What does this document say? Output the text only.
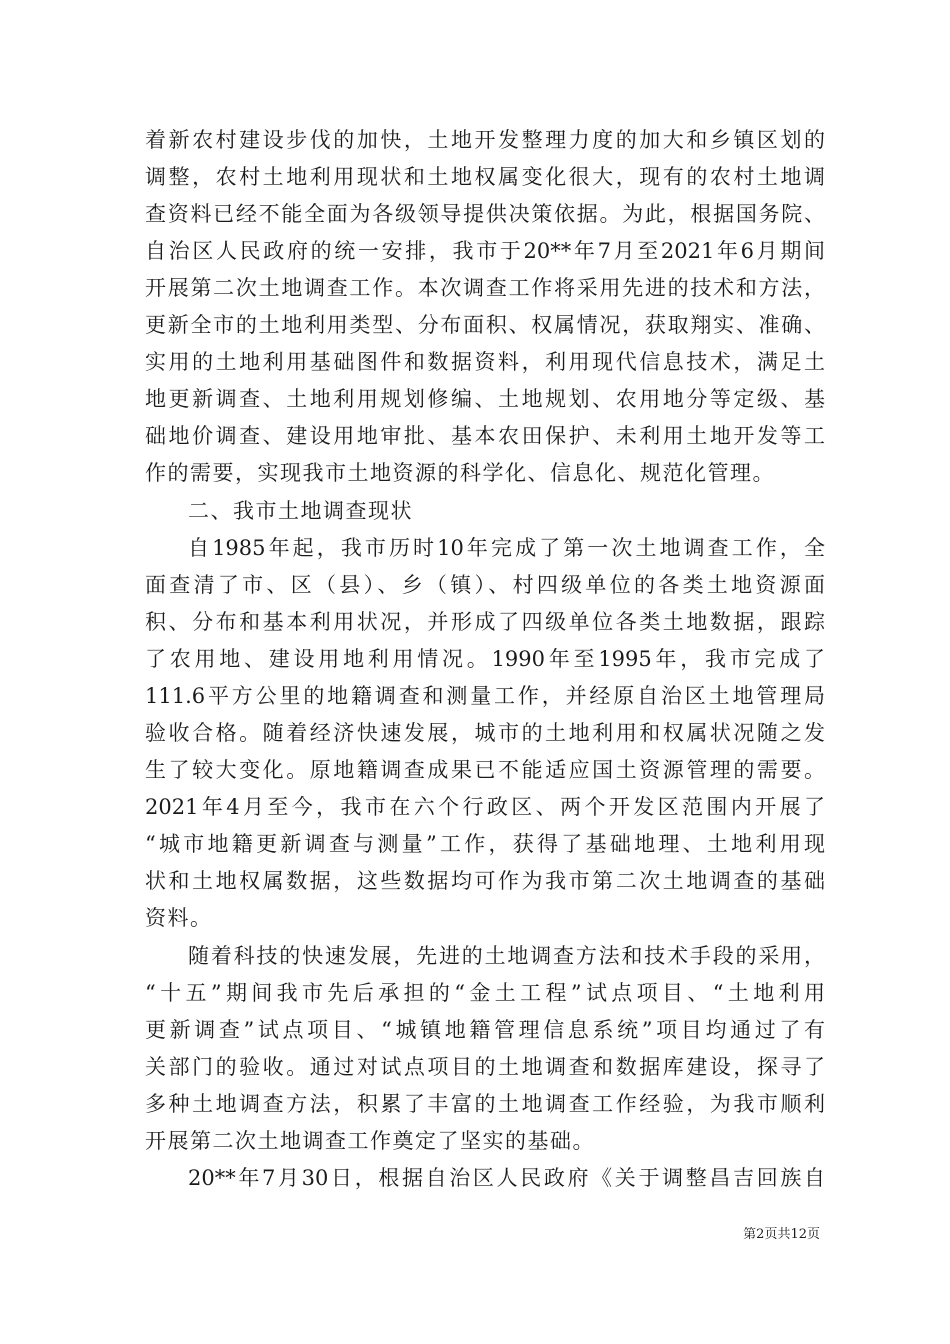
着新农村建设步伐的加快，土地开发整理力度的加大和乡镇区划的
调整，农村土地利用现状和土地权属变化很大，现有的农村土地调
查资料已经不能全面为各级领导提供决策依据。为此，根据国务院、
自治区人民政府的统一安排，我市于20**年7月至2021年6月期间
开展第二次土地调查工作。本次调查工作将采用先进的技术和方法，
更新全市的土地利用类型、分布面积、权属情况，获取翔实、准确、
实用的土地利用基础图件和数据资料，利用现代信息技术，满足土
地更新调查、土地利用规划修编、土地规划、农用地分等定级、基
础地价调查、建设用地审批、基本农田保护、未利用土地开发等工
作的需要，实现我市土地资源的科学化、信息化、规范化管理。
二、我市土地调查现状
自1985年起，我市历时10年完成了第一次土地调查工作，全
面查清了市、区（县）、乡（镇）、村四级单位的各类土地资源面
积、分布和基本利用状况，并形成了四级单位各类土地数据，跟踪
了农用地、建设用地利用情况。1990年至1995年，我市完成了
111.6平方公里的地籍调查和测量工作，并经原自治区土地管理局
验收合格。随着经济快速发展，城市的土地利用和权属状况随之发
生了较大变化。原地籍调查成果已不能适应国土资源管理的需要。
2021年4月至今，我市在六个行政区、两个开发区范围内开展了
“城市地籍更新调查与测量”工作，获得了基础地理、土地利用现
状和土地权属数据，这些数据均可作为我市第二次土地调查的基础
资料。
随着科技的快速发展，先进的土地调查方法和技术手段的采用，
“十五”期间我市先后承担的“金土工程”试点项目、“土地利用
更新调查”试点项目、“城镇地籍管理信息系统”项目均通过了有
关部门的验收。通过对试点项目的土地调查和数据库建设，探寻了
多种土地调查方法，积累了丰富的土地调查工作经验，为我市顺利
开展第二次土地调查工作奠定了坚实的基础。
20**年7月30日，根据自治区人民政府《关于调整昌吉回族自
第2页共12页
